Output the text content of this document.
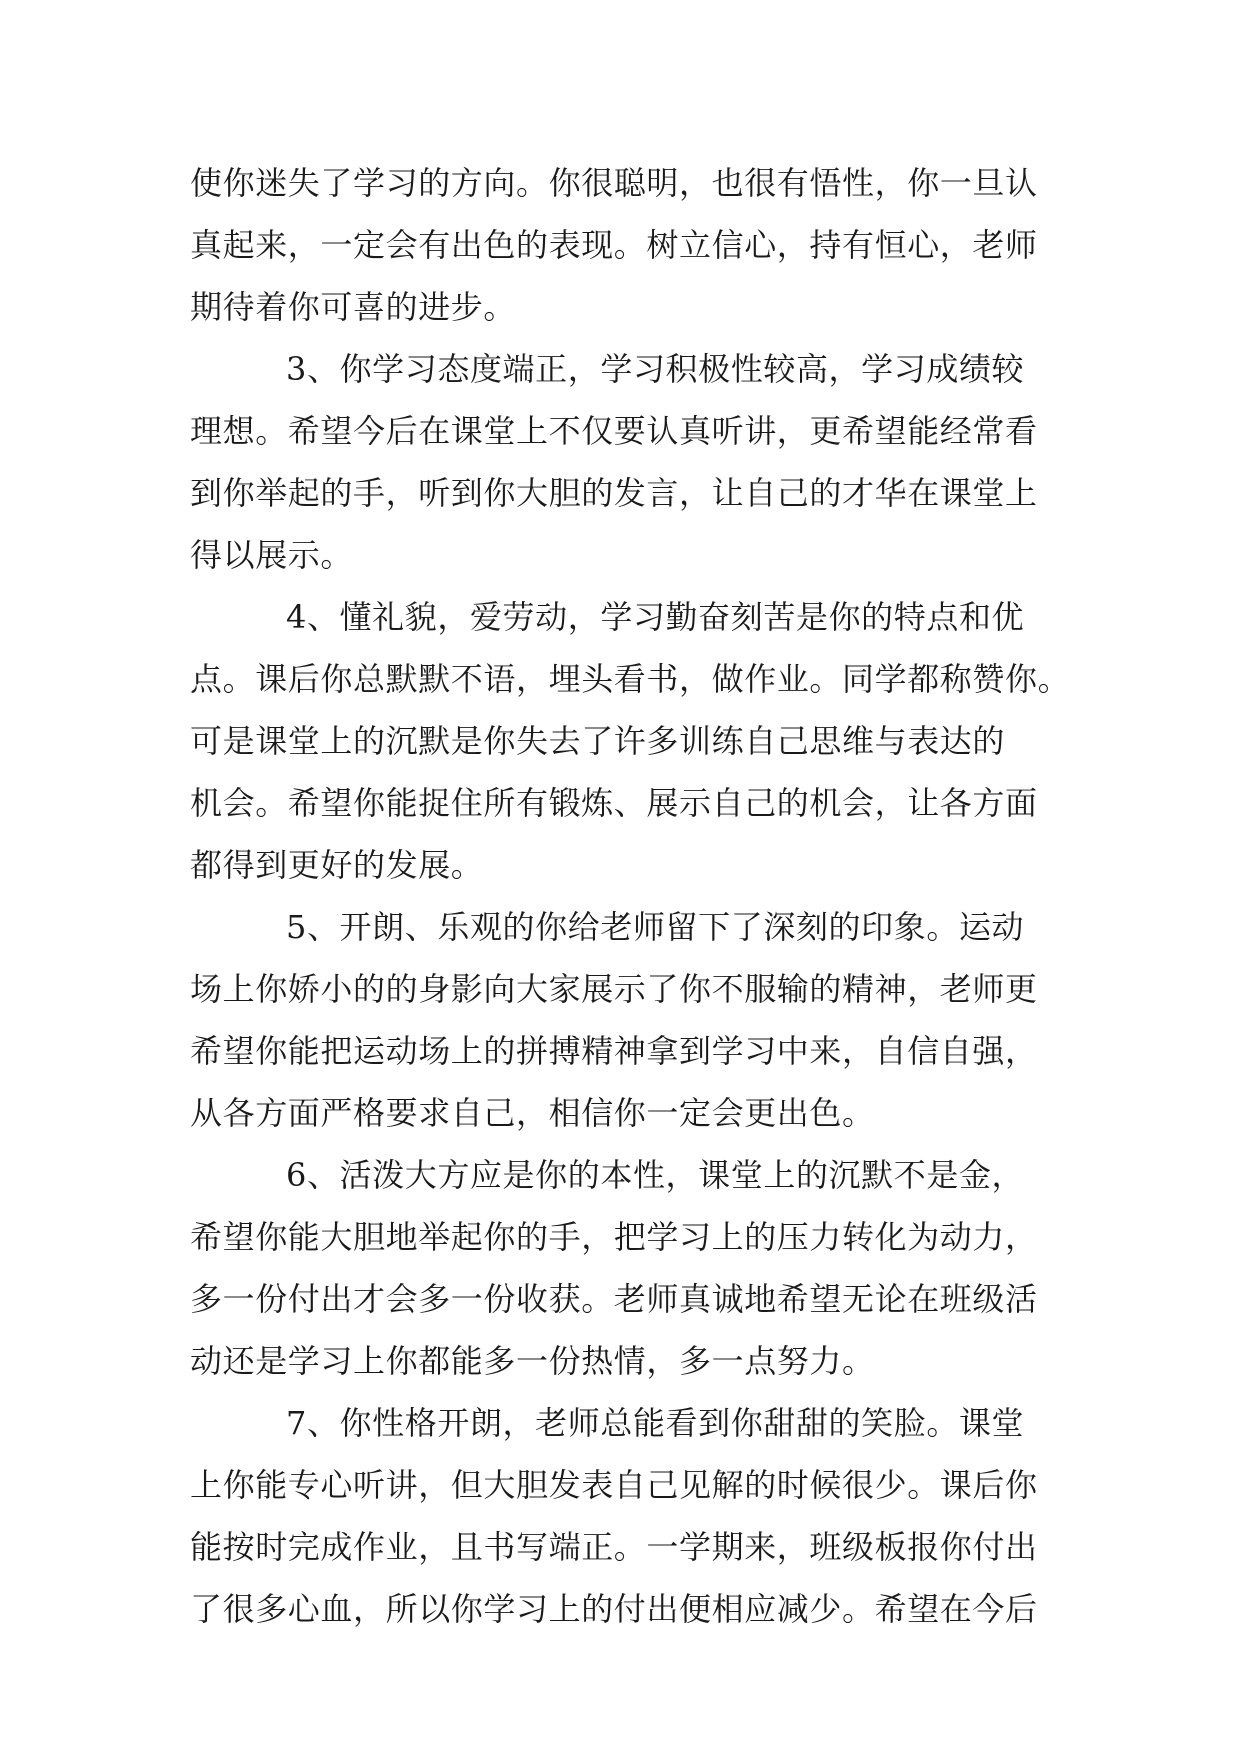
使你迷失了学习的方向。你很聪明，也很有悟性，你一旦认
真起来，一定会有出色的表现。树立信心，持有恒心，老师
期待着你可喜的进步。
3、你学习态度端正，学习积极性较高，学习成绩较
理想。希望今后在课堂上不仅要认真听讲，更希望能经常看
到你举起的手，听到你大胆的发言，让自己的才华在课堂上
得以展示。
4、懂礼貌，爱劳动，学习勤奋刻苦是你的特点和优
点。课后你总默默不语，埋头看书，做作业。同学都称赞你。
可是课堂上的沉默是你失去了许多训练自己思维与表达的
机会。希望你能捉住所有锻炼、展示自己的机会，让各方面
都得到更好的发展。
5、开朗、乐观的你给老师留下了深刻的印象。运动
场上你娇小的的身影向大家展示了你不服输的精神，老师更
希望你能把运动场上的拼搏精神拿到学习中来，自信自强，
从各方面严格要求自己，相信你一定会更出色。
6、活泼大方应是你的本性，课堂上的沉默不是金，
希望你能大胆地举起你的手，把学习上的压力转化为动力，
多一份付出才会多一份收获。老师真诚地希望无论在班级活
动还是学习上你都能多一份热情，多一点努力。
7、你性格开朗，老师总能看到你甜甜的笑脸。课堂
上你能专心听讲，但大胆发表自己见解的时候很少。课后你
能按时完成作业，且书写端正。一学期来，班级板报你付出
了很多心血，所以你学习上的付出便相应减少。希望在今后
